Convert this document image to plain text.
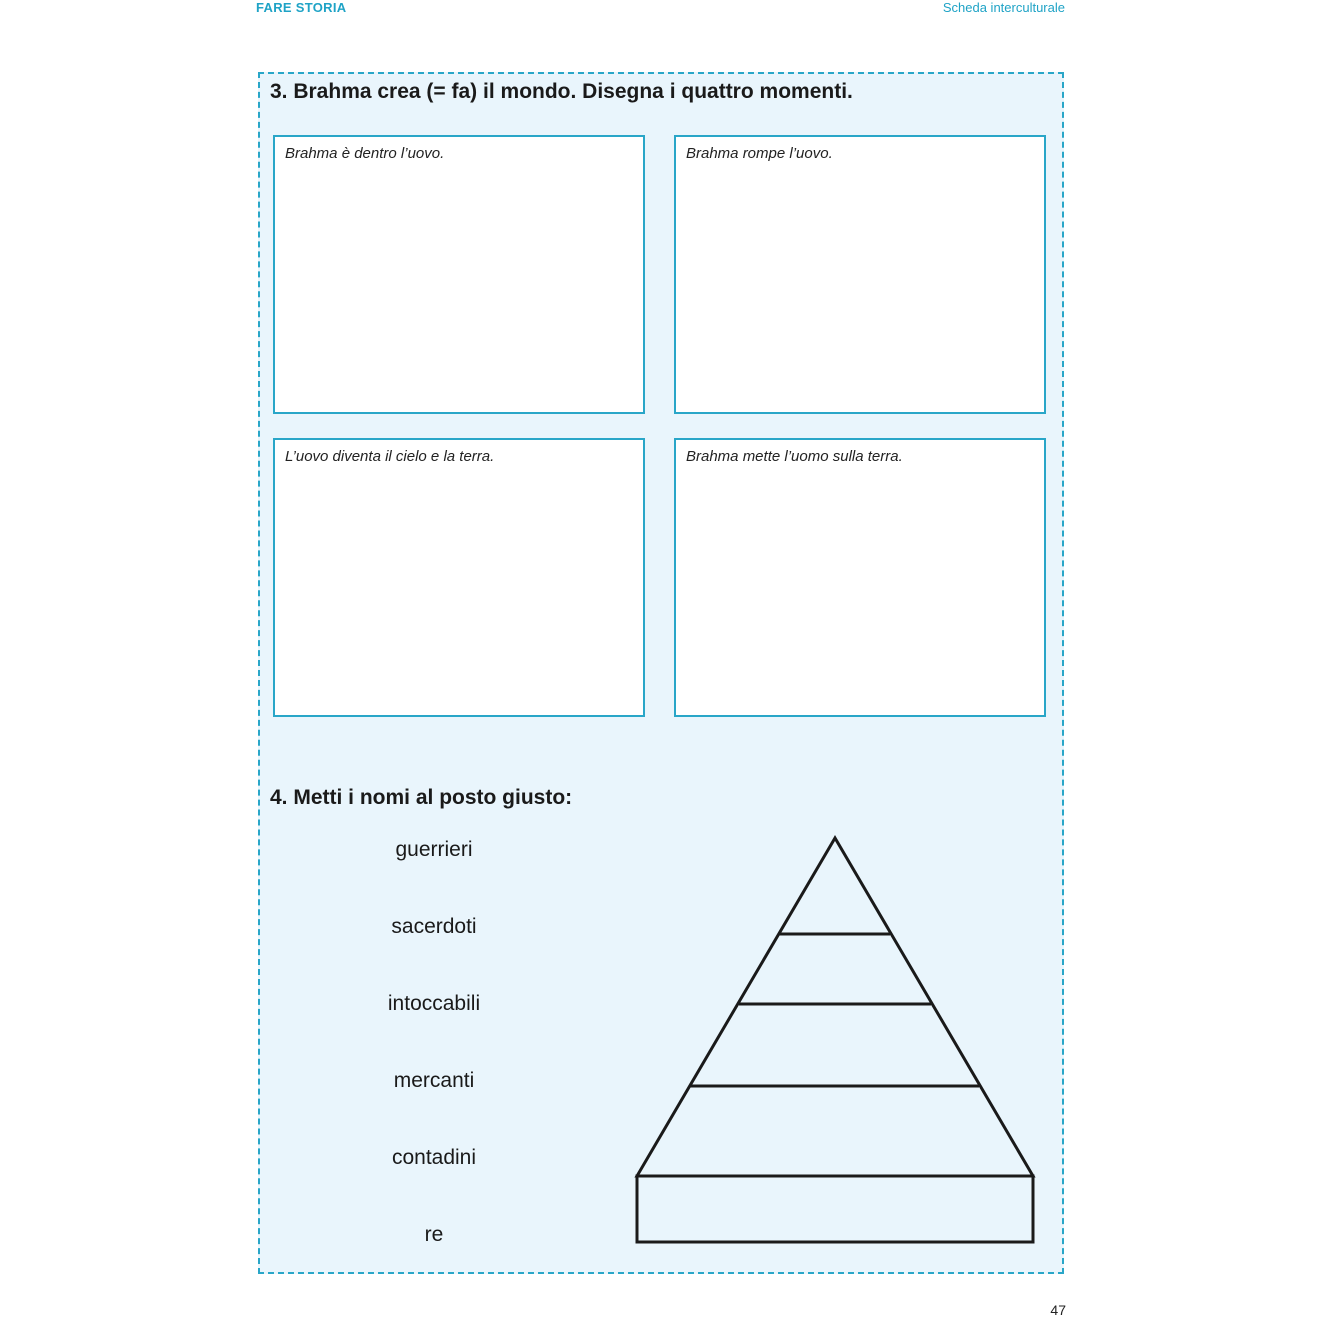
FARE STORIA	Scheda interculturale
3. Brahma crea (= fa) il mondo. Disegna i quattro momenti.
Brahma è dentro l’uovo.	Brahma rompe l’uovo.
L’uovo diventa il cielo e la terra.	Brahma mette l’uomo sulla terra.
4. Metti i nomi al posto giusto:
guerrieri
sacerdoti
intoccabili
mercanti
contadini
re
47
